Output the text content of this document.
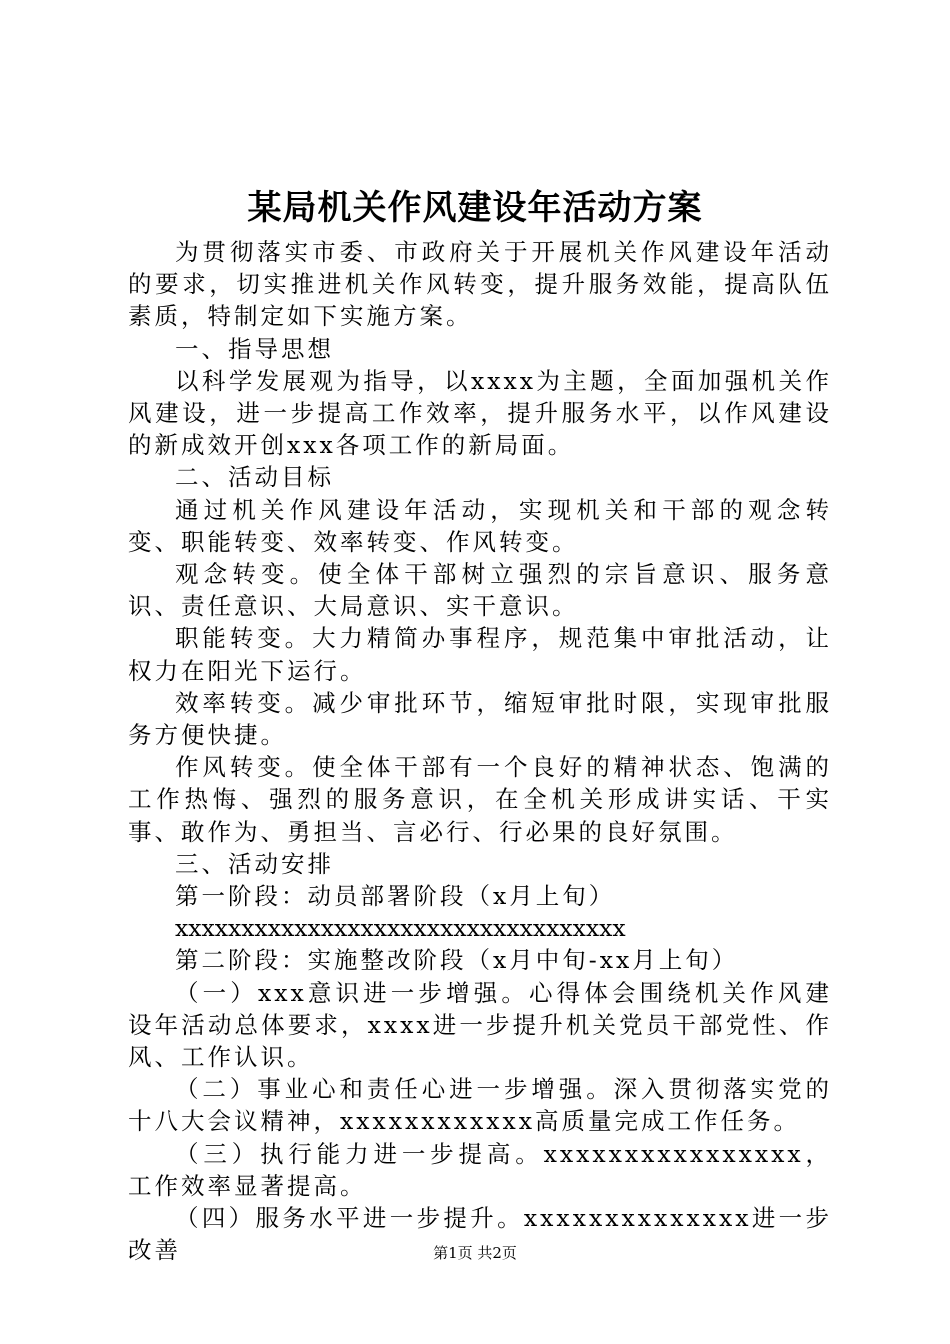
某局机关作风建设年活动方案

为贯彻落实市委、市政府关于开展机关作风建设年活动的要求，切实推进机关作风转变，提升服务效能，提高队伍素质，特制定如下实施方案。

一、指导思想

以科学发展观为指导，以xxxx为主题，全面加强机关作风建设，进一步提高工作效率，提升服务水平，以作风建设的新成效开创xxx各项工作的新局面。

二、活动目标

通过机关作风建设年活动，实现机关和干部的观念转变、职能转变、效率转变、作风转变。

观念转变。使全体干部树立强烈的宗旨意识、服务意识、责任意识、大局意识、实干意识。

职能转变。大力精简办事程序，规范集中审批活动，让权力在阳光下运行。

效率转变。减少审批环节，缩短审批时限，实现审批服务方便快捷。

作风转变。使全体干部有一个良好的精神状态、饱满的工作热悔、强烈的服务意识，在全机关形成讲实话、干实事、敢作为、勇担当、言必行、行必果的良好氛围。

三、活动安排

第一阶段：动员部署阶段（x月上旬）

xxxxxxxxxxxxxxxxxxxxxxxxxxxxxxxxxx

第二阶段：实施整改阶段（x月中旬-xx月上旬）

（一）xxx意识进一步增强。心得体会围绕机关作风建设年活动总体要求，xxxx进一步提升机关党员干部党性、作风、工作认识。

（二）事业心和责任心进一步增强。深入贯彻落实党的十八大会议精神，xxxxxxxxxxxx高质量完成工作任务。

（三）执行能力进一步提高。xxxxxxxxxxxxxxxx，工作效率显著提高。

（四）服务水平进一步提升。xxxxxxxxxxxxxx进一步改善	第1页 共2页
